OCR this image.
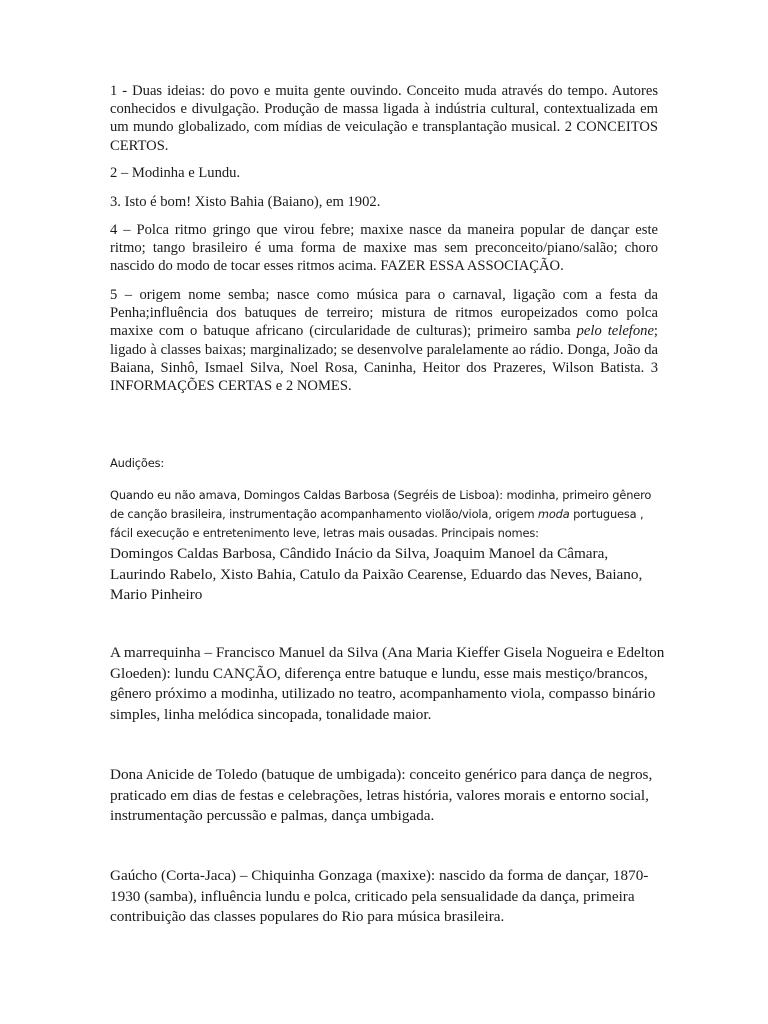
1 - Duas ideias: do povo e muita gente ouvindo. Conceito muda através do tempo. Autores conhecidos e divulgação. Produção de massa ligada à indústria cultural, contextualizada em um mundo globalizado, com mídias de veiculação e transplantação musical. 2 CONCEITOS CERTOS.

2 – Modinha e Lundu.

3. Isto é bom! Xisto Bahia (Baiano), em 1902.

4 – Polca ritmo gringo que virou febre; maxixe nasce da maneira popular de dançar este ritmo; tango brasileiro é uma forma de maxixe mas sem preconceito/piano/salão; choro nascido do modo de tocar esses ritmos acima. FAZER ESSA ASSOCIAÇÃO.

5 – origem nome semba; nasce como música para o carnaval, ligação com a festa da Penha;influência dos batuques de terreiro; mistura de ritmos europeizados como polca maxixe com o batuque africano (circularidade de culturas); primeiro samba pelo telefone; ligado à classes baixas; marginalizado; se desenvolve paralelamente ao rádio. Donga, João da Baiana, Sinhô, Ismael Silva, Noel Rosa, Caninha, Heitor dos Prazeres, Wilson Batista. 3 INFORMAÇÕES CERTAS e 2 NOMES.

Audições:

Quando eu não amava, Domingos Caldas Barbosa (Segréis de Lisboa): modinha, primeiro gênero de canção brasileira, instrumentação acompanhamento violão/viola, origem moda portuguesa , fácil execução e entretenimento leve, letras mais ousadas. Principais nomes:

Domingos Caldas Barbosa, Cândido Inácio da Silva, Joaquim Manoel da Câmara, Laurindo Rabelo, Xisto Bahia, Catulo da Paixão Cearense, Eduardo das Neves, Baiano, Mario Pinheiro

A marrequinha – Francisco Manuel da Silva (Ana Maria Kieffer Gisela Nogueira e Edelton Gloeden): lundu CANÇÃO, diferença entre batuque e lundu, esse mais mestiço/brancos, gênero próximo a modinha, utilizado no teatro, acompanhamento viola, compasso binário simples, linha melódica sincopada, tonalidade maior.

Dona Anicide de Toledo (batuque de umbigada): conceito genérico para dança de negros, praticado em dias de festas e celebrações, letras história, valores morais e entorno social, instrumentação percussão e palmas, dança umbigada.

Gaúcho (Corta-Jaca) – Chiquinha Gonzaga (maxixe): nascido da forma de dançar, 1870-1930 (samba), influência lundu e polca, criticado pela sensualidade da dança, primeira contribuição das classes populares do Rio para música brasileira.
